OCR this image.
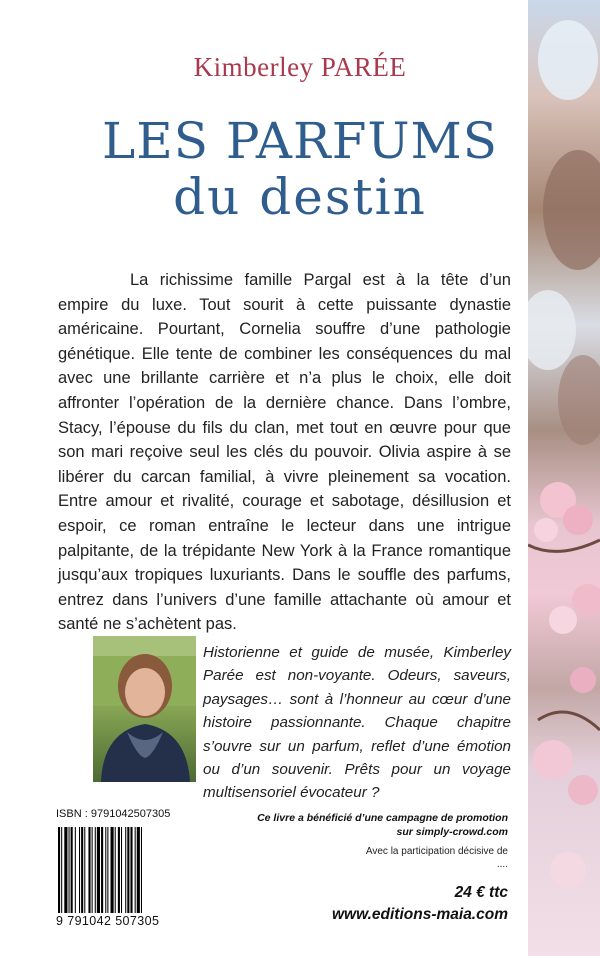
Kimberley PARÉE
LES PARFUMS
du destin

La richissime famille Pargal est à la tête d’un empire du luxe. Tout sourit à cette puissante dynastie américaine. Pourtant, Cornelia souffre d’une pathologie génétique. Elle tente de combiner les conséquences du mal avec une brillante carrière et n’a plus le choix, elle doit affronter l’opération de la dernière chance. Dans l’ombre, Stacy, l’épouse du fils du clan, met tout en œuvre pour que son mari reçoive seul les clés du pouvoir. Olivia aspire à se libérer du carcan familial, à vivre pleinement sa vocation. Entre amour et rivalité, courage et sabotage, désillusion et espoir, ce roman entraîne le lecteur dans une intrigue palpitante, de la trépidante New York à la France romantique jusqu’aux tropiques luxuriants. Dans le souffle des parfums, entrez dans l’univers d’une famille attachante où amour et santé ne s’achètent pas.

Historienne et guide de musée, Kimberley Parée est non-voyante. Odeurs, saveurs, paysages… sont à l’honneur au cœur d’une histoire passionnante. Chaque chapitre s’ouvre sur un parfum, reflet d’une émotion ou d’un souvenir. Prêts pour un voyage multisensoriel évocateur ?

ISBN : 9791042507305
9 791042 507305
Ce livre a bénéficié d’une campagne de promotion
sur simply-crowd.com
Avec la participation décisive de
....
24 € ttc
www.editions-maia.com
